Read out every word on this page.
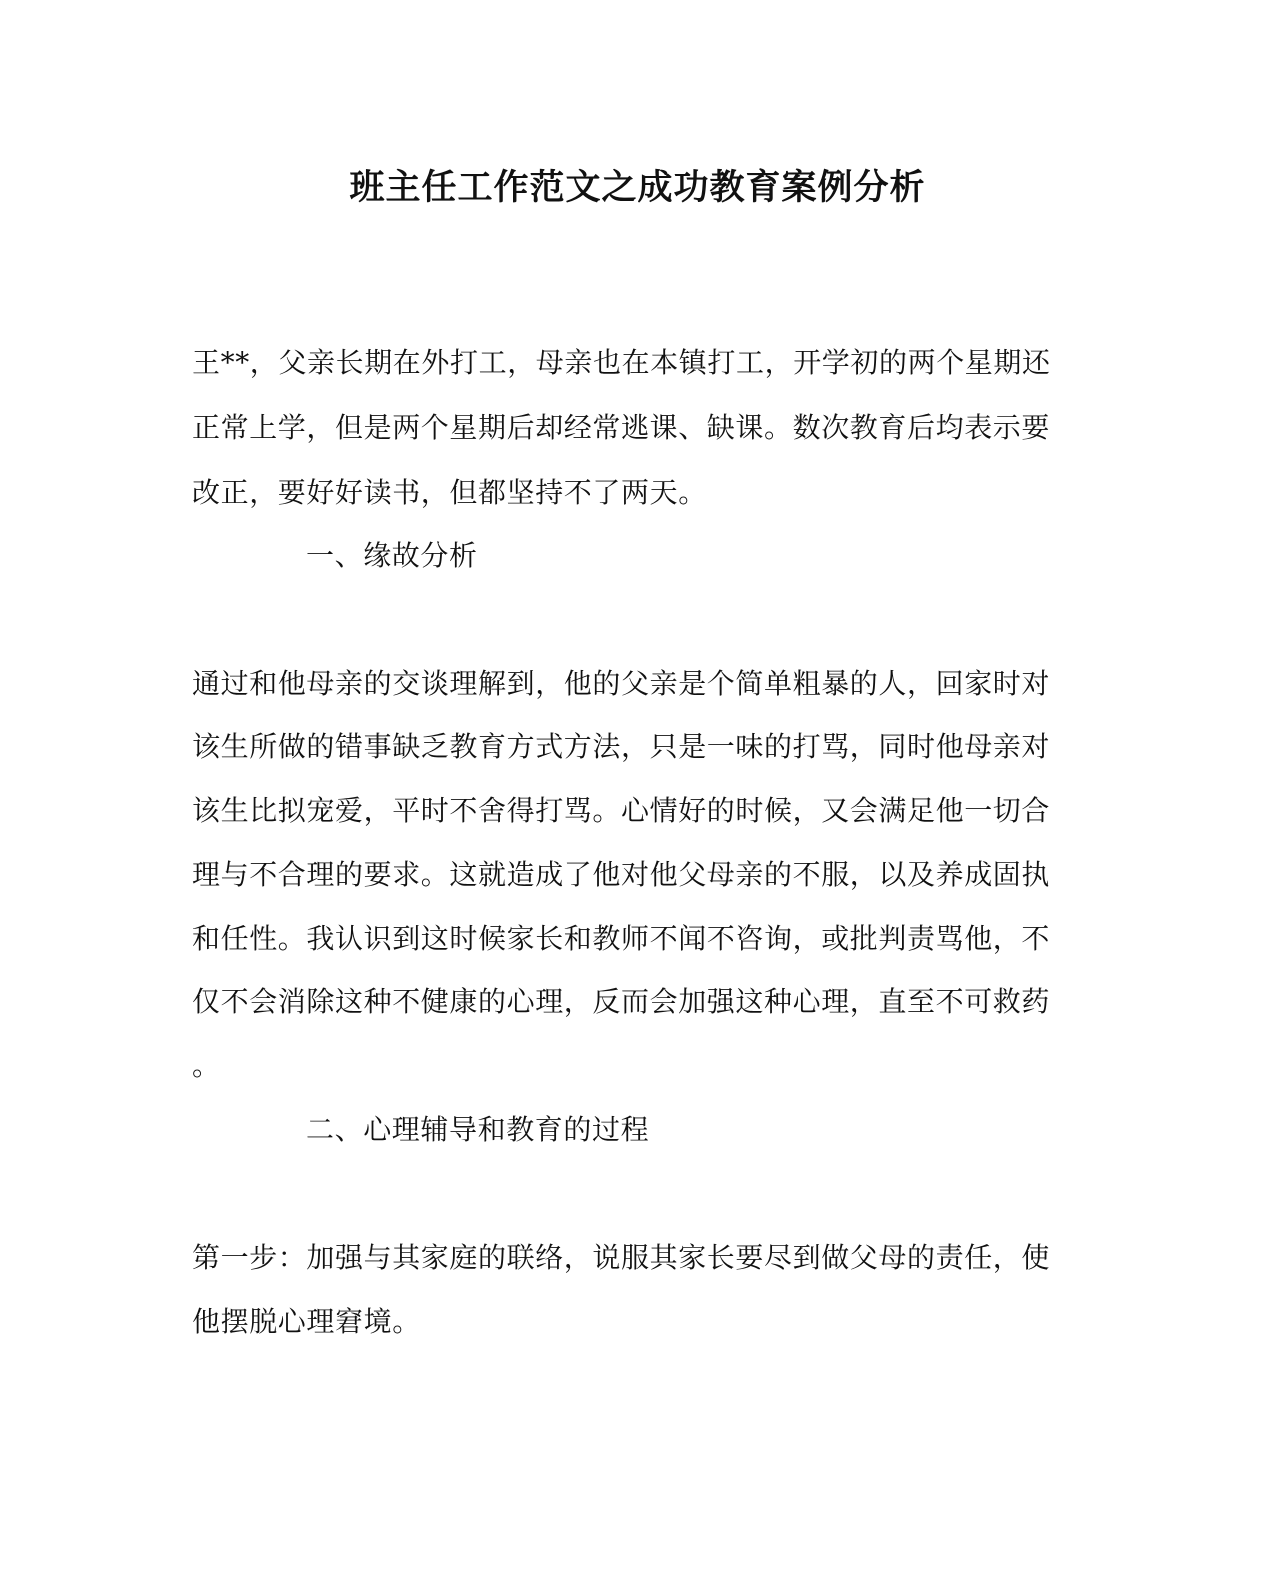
班主任工作范文之成功教育案例分析
王**，父亲长期在外打工，母亲也在本镇打工，开学初的两个星期还
正常上学，但是两个星期后却经常逃课、缺课。数次教育后均表示要
改正，要好好读书，但都坚持不了两天。
一、缘故分析
通过和他母亲的交谈理解到，他的父亲是个简单粗暴的人，回家时对
该生所做的错事缺乏教育方式方法，只是一味的打骂，同时他母亲对
该生比拟宠爱，平时不舍得打骂。心情好的时候，又会满足他一切合
理与不合理的要求。这就造成了他对他父母亲的不服，以及养成固执
和任性。我认识到这时候家长和教师不闻不咨询，或批判责骂他，不
仅不会消除这种不健康的心理，反而会加强这种心理，直至不可救药
。
二、心理辅导和教育的过程
第一步：加强与其家庭的联络，说服其家长要尽到做父母的责任，使
他摆脱心理窘境。
